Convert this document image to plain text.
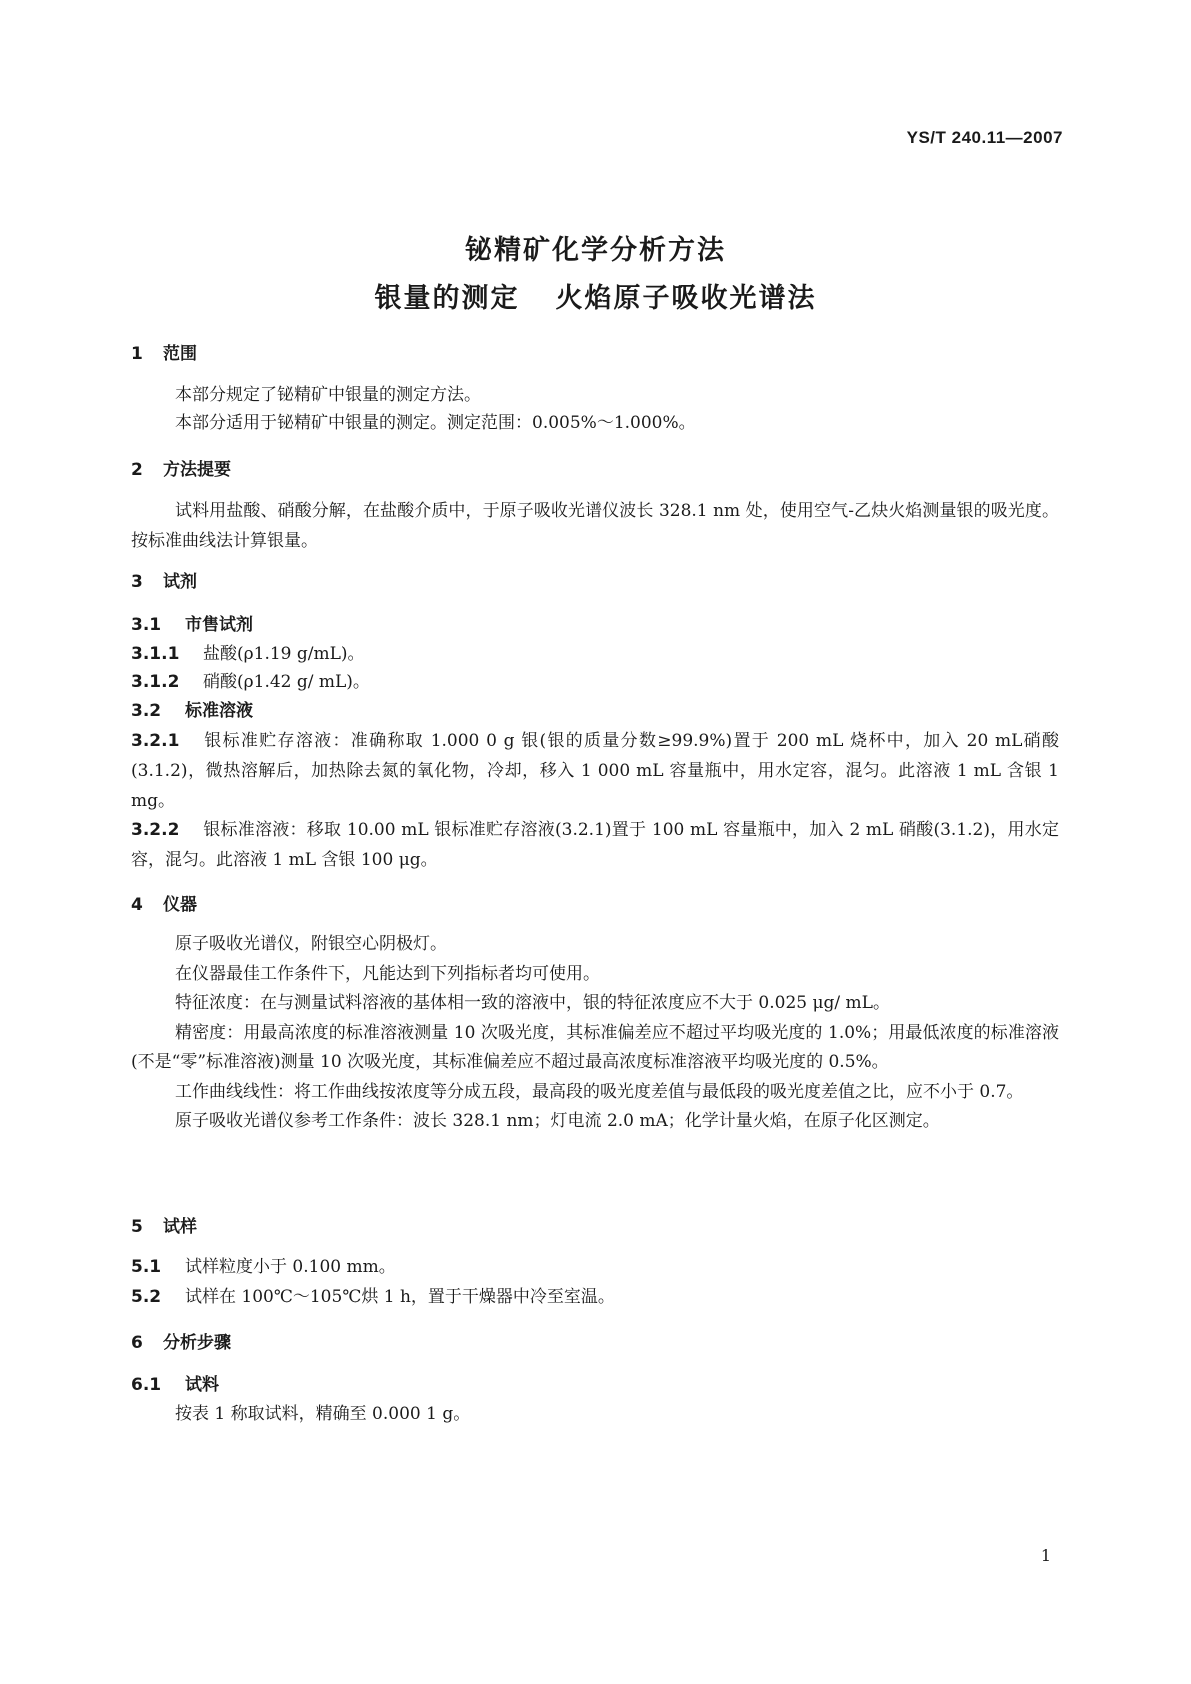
YS/T 240.11—2007
铋精矿化学分析方法
银量的测定 火焰原子吸收光谱法
1 范围

本部分规定了铋精矿中银量的测定方法。

本部分适用于铋精矿中银量的测定。测定范围：0.005%～1.000%。

2 方法提要

试料用盐酸、硝酸分解，在盐酸介质中，于原子吸收光谱仪波长 328.1 nm 处，使用空气-乙炔火焰测量银的吸光度。按标准曲线法计算银量。

3 试剂
3.1 市售试剂
3.1.1 盐酸(ρ1.19 g/mL)。
3.1.2 硝酸(ρ1.42 g/ mL)。
3.2 标准溶液
3.2.1 银标准贮存溶液：准确称取 1.000 0 g 银(银的质量分数≥99.9%)置于 200 mL 烧杯中，加入 20 mL硝酸(3.1.2)，微热溶解后，加热除去氮的氧化物，冷却，移入 1 000 mL 容量瓶中，用水定容，混匀。此溶液 1 mL 含银 1 mg。
3.2.2 银标准溶液：移取 10.00 mL 银标准贮存溶液(3.2.1)置于 100 mL 容量瓶中，加入 2 mL 硝酸(3.1.2)，用水定容，混匀。此溶液 1 mL 含银 100 μg。
4 仪器

原子吸收光谱仪，附银空心阴极灯。

在仪器最佳工作条件下，凡能达到下列指标者均可使用。

特征浓度：在与测量试料溶液的基体相一致的溶液中，银的特征浓度应不大于 0.025 μg/ mL。

精密度：用最高浓度的标准溶液测量 10 次吸光度，其标准偏差应不超过平均吸光度的 1.0%；用最低浓度的标准溶液(不是“零”标准溶液)测量 10 次吸光度，其标准偏差应不超过最高浓度标准溶液平均吸光度的 0.5%。

工作曲线线性：将工作曲线按浓度等分成五段，最高段的吸光度差值与最低段的吸光度差值之比，应不小于 0.7。

原子吸收光谱仪参考工作条件：波长 328.1 nm；灯电流 2.0 mA；化学计量火焰，在原子化区测定。

5 试样
5.1 试样粒度小于 0.100 mm。
5.2 试样在 100℃～105℃烘 1 h，置于干燥器中冷至室温。
6 分析步骤
6.1 试料

按表 1 称取试料，精确至 0.000 1 g。

1
